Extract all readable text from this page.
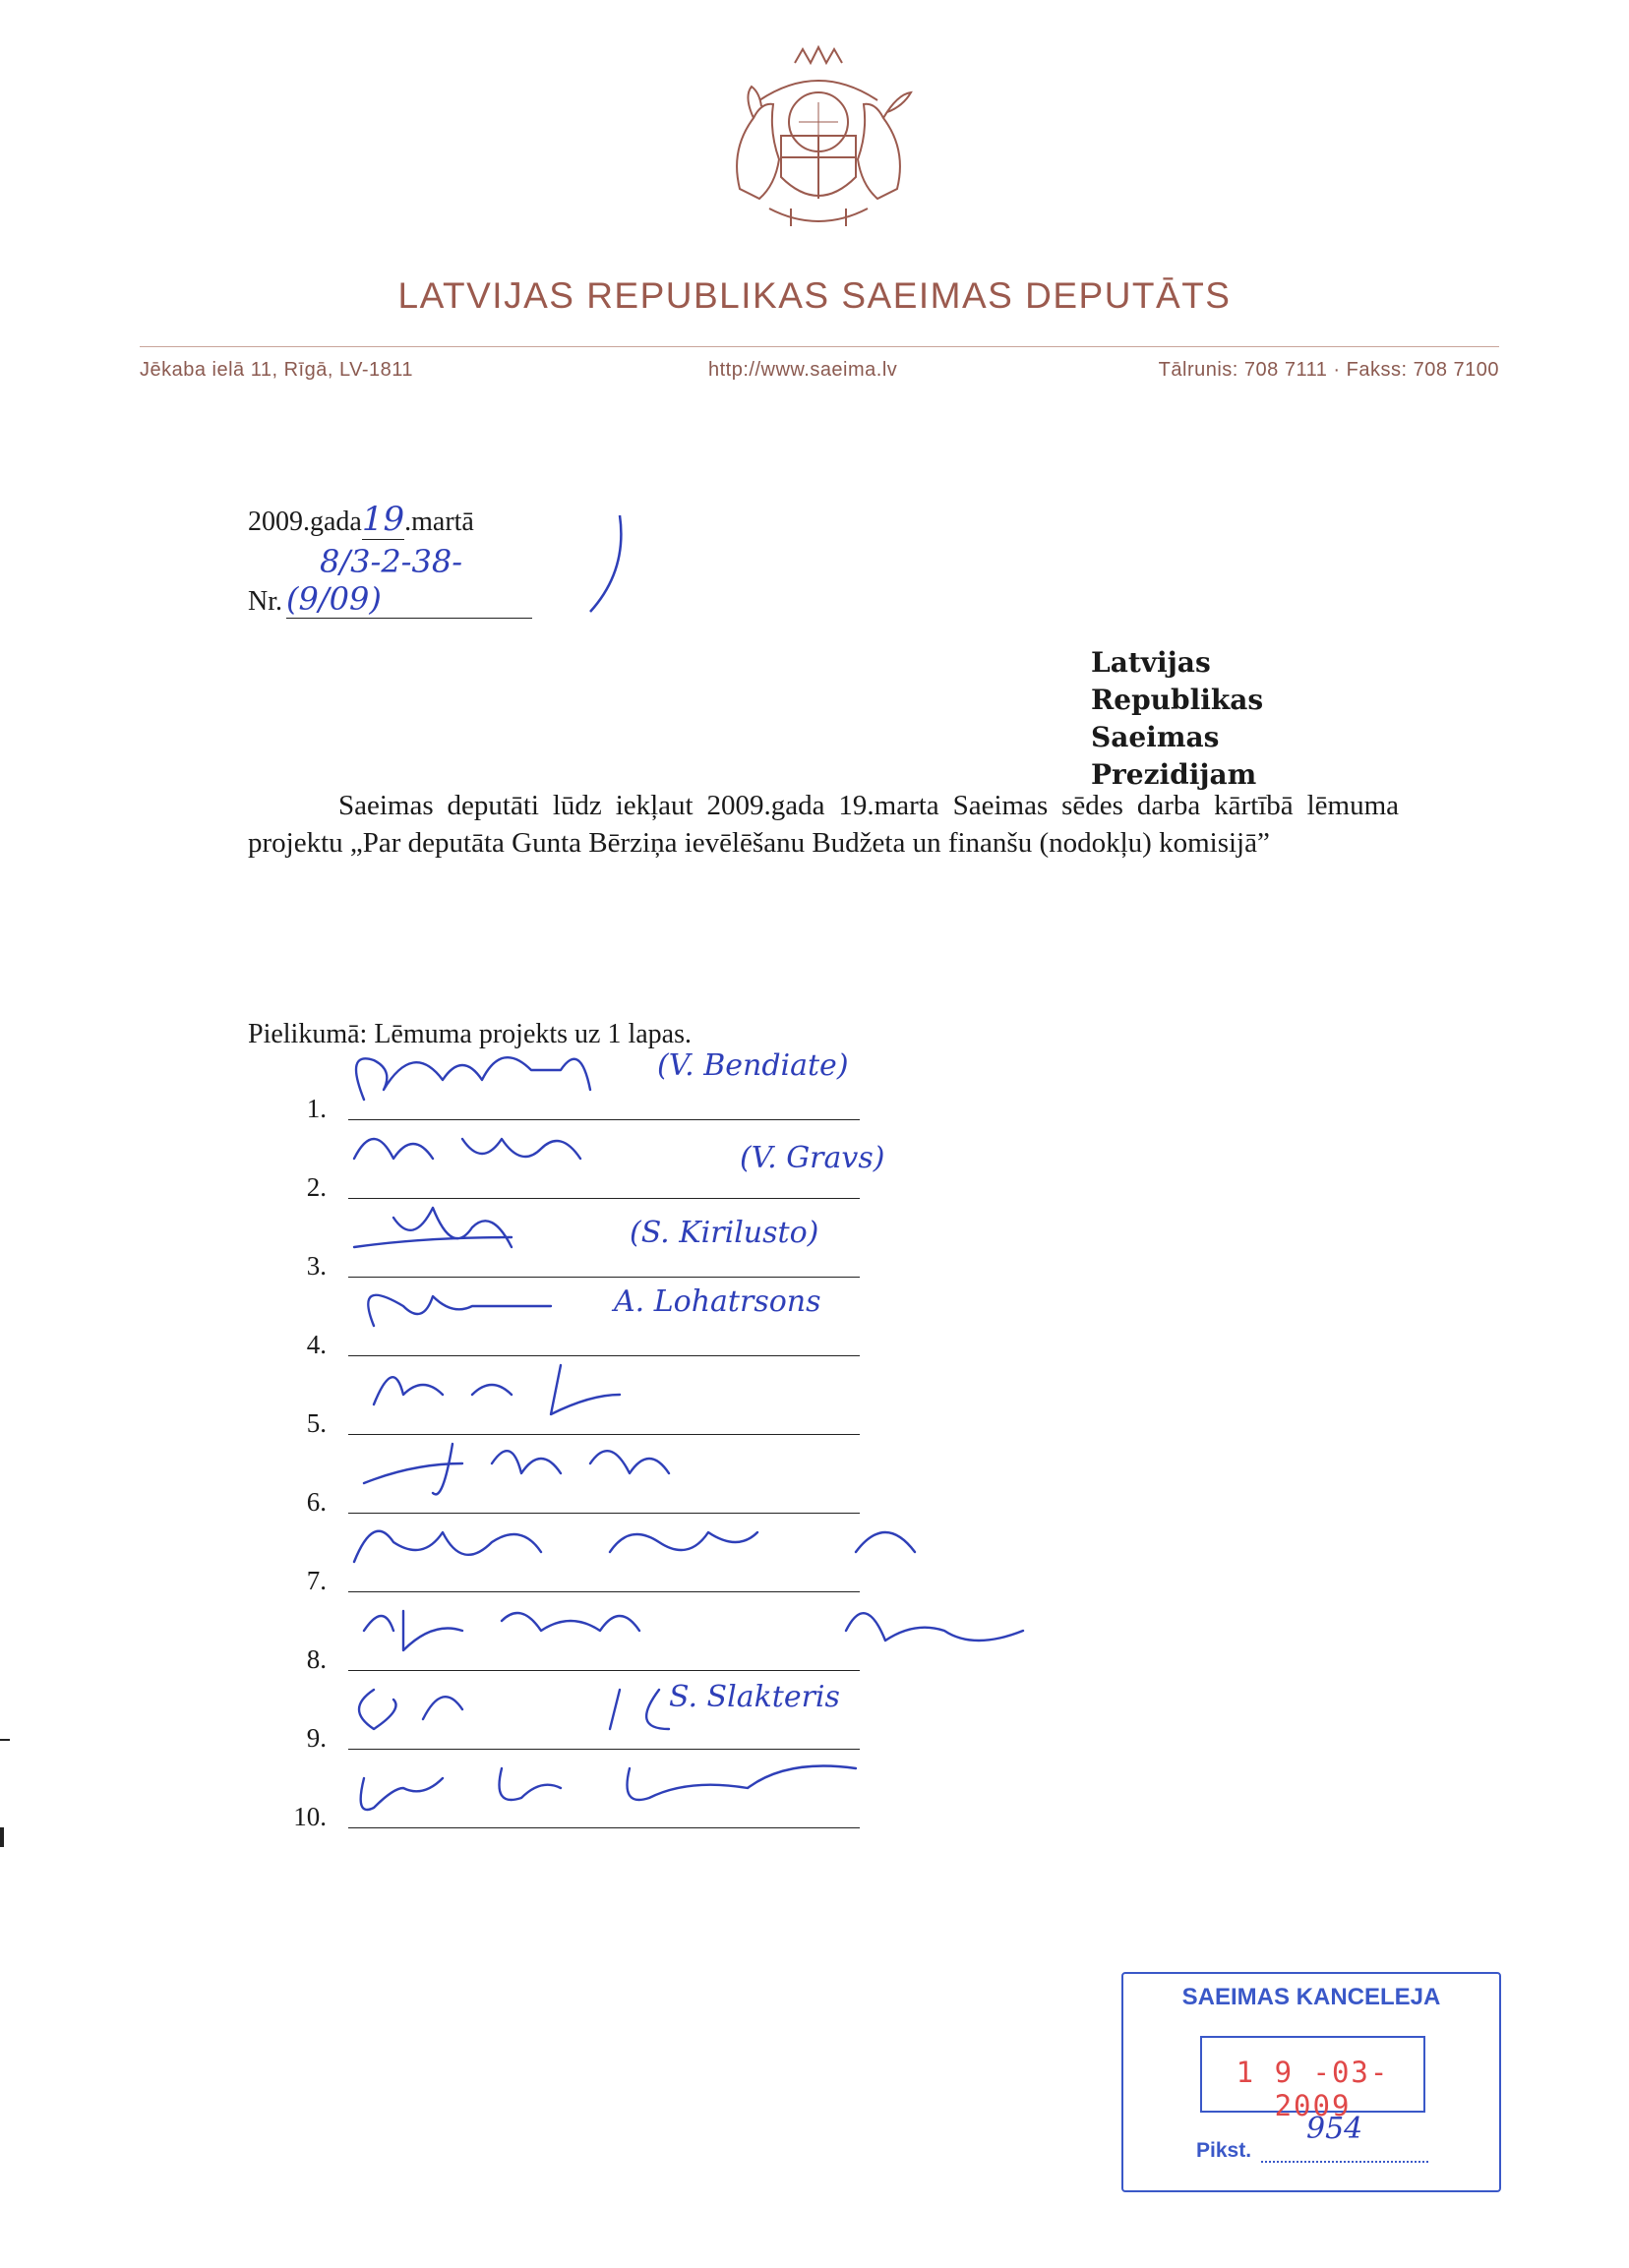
LATVIJAS REPUBLIKAS SAEIMAS DEPUTĀTS
Jēkaba ielā 11, Rīgā, LV-1811	http://www.saeima.lv	Tālrunis: 708 7111 · Fakss: 708 7100
2009.gada19.martā
Nr.8/3-2-38-(9/09)
Latvijas Republikas
Saeimas Prezidijam
Saeimas deputāti lūdz iekļaut 2009.gada 19.marta Saeimas sēdes darba kārtībā lēmuma projektu „Par deputāta Gunta Bērziņa ievēlēšanu Budžeta un finanšu (nodokļu) komisijā”
Pielikumā: Lēmuma projekts uz 1 lapas.
1.
(V. Bendiate)
2.
(V. Gravs)
3.
(S. Kirilusto)
4.
A. Lohatrsons
5.
6.
7.
8.
9.
S. Slakteris
10.
SAEIMAS KANCELEJA
1 9 -03- 2009
Pikst.
954
